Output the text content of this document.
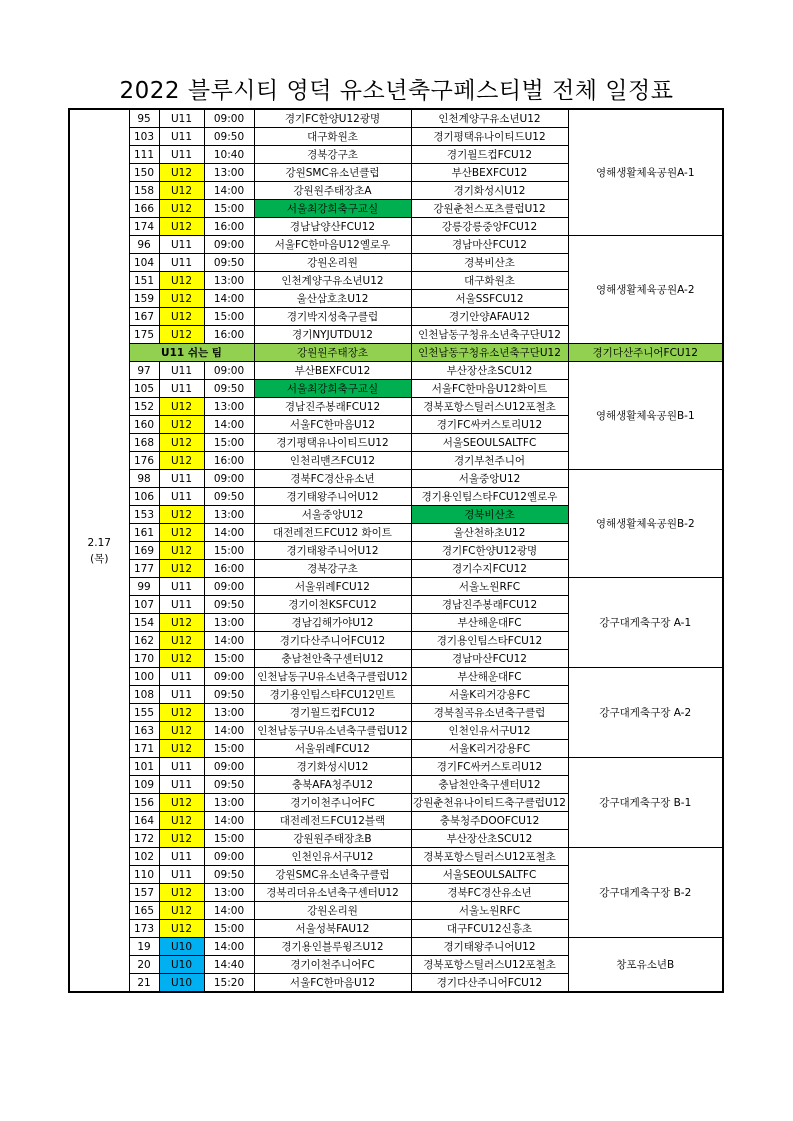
2022 블루시티 영덕 유소년축구페스티벌 전체 일정표
2.17
(목)	95	U11	09:00	경기FC한양U12광명	인천계양구유소년U12	영해생활체육공원A-1
	103	U11	09:50	대구화원초	경기평택유나이티드U12	
	111	U11	10:40	경북강구초	경기월드컵FCU12	
	150	U12	13:00	강원SMC유소년클럽	부산BEXFCU12	
	158	U12	14:00	강원원주태장초A	경기화성시U12	
	166	U12	15:00	서울최강희축구교실	강원춘천스포츠클럽U12	
	174	U12	16:00	경남남양산FCU12	강릉강릉중앙FCU12	
	96	U11	09:00	서울FC한마음U12옐로우	경남마산FCU12	영해생활체육공원A-2
	104	U11	09:50	강원온리원	경북비산초	
	151	U12	13:00	인천계양구유소년U12	대구화원초	
	159	U12	14:00	울산삼호초U12	서울SSFCU12	
	167	U12	15:00	경기박지성축구클럽	경기안양AFAU12	
	175	U12	16:00	경기NYJUTDU12	인천남동구청유소년축구단U12	
	U11 쉬는 팀			강원원주태장초	인천남동구청유소년축구단U12	경기다산주니어FCU12
	97	U11	09:00	부산BEXFCU12	부산장산초SCU12	영해생활체육공원B-1
	105	U11	09:50	서울최강희축구교실	서울FC한마음U12화이트	
	152	U12	13:00	경남진주봉래FCU12	경북포항스틸러스U12포철초	
	160	U12	14:00	서울FC한마음U12	경기FC싸커스토리U12	
	168	U12	15:00	경기평택유나이티드U12	서울SEOULSALTFC	
	176	U12	16:00	인천리맨즈FCU12	경기부천주니어	
	98	U11	09:00	경북FC경산유소년	서울중앙U12	영해생활체육공원B-2
	106	U11	09:50	경기태왕주니어U12	경기용인팀스타FCU12옐로우	
	153	U12	13:00	서울중앙U12	경북비산초	
	161	U12	14:00	대전레전드FCU12 화이트	울산천하초U12	
	169	U12	15:00	경기태왕주니어U12	경기FC한양U12광명	
	177	U12	16:00	경북강구초	경기수지FCU12	
	99	U11	09:00	서울위례FCU12	서울노원RFC	강구대게축구장 A-1
	107	U11	09:50	경기이천KSFCU12	경남진주봉래FCU12	
	154	U12	13:00	경남김해가야U12	부산해운대FC	
	162	U12	14:00	경기다산주니어FCU12	경기용인팀스타FCU12	
	170	U12	15:00	충남천안축구센터U12	경남마산FCU12	
	100	U11	09:00	인천남동구U유소년축구클럽U12	부산해운대FC	강구대게축구장 A-2
	108	U11	09:50	경기용인팀스타FCU12민트	서울K리거강용FC	
	155	U12	13:00	경기월드컵FCU12	경북칠곡유소년축구클럽	
	163	U12	14:00	인천남동구U유소년축구클럽U12	인천인유서구U12	
	171	U12	15:00	서울위례FCU12	서울K리거강용FC	
	101	U11	09:00	경기화성시U12	경기FC싸커스토리U12	강구대게축구장 B-1
	109	U11	09:50	충북AFA청주U12	충남천안축구센터U12	
	156	U12	13:00	경기이천주니어FC	강원춘천유나이티드축구클럽U12	
	164	U12	14:00	대전레전드FCU12블랙	충북청주DOOFCU12	
	172	U12	15:00	강원원주태장초B	부산장산초SCU12	
	102	U11	09:00	인천인유서구U12	경북포항스틸러스U12포철초	강구대게축구장 B-2
	110	U11	09:50	강원SMC유소년축구클럽	서울SEOULSALTFC	
	157	U12	13:00	경북리더유소년축구센터U12	경북FC경산유소년	
	165	U12	14:00	강원온리원	서울노원RFC	
	173	U12	15:00	서울성북FAU12	대구FCU12신흥초	
	19	U10	14:00	경기용인블루윙즈U12	경기태왕주니어U12	창포유소년B
	20	U10	14:40	경기이천주니어FC	경북포항스틸러스U12포철초	
	21	U10	15:20	서울FC한마음U12	경기다산주니어FCU12	
